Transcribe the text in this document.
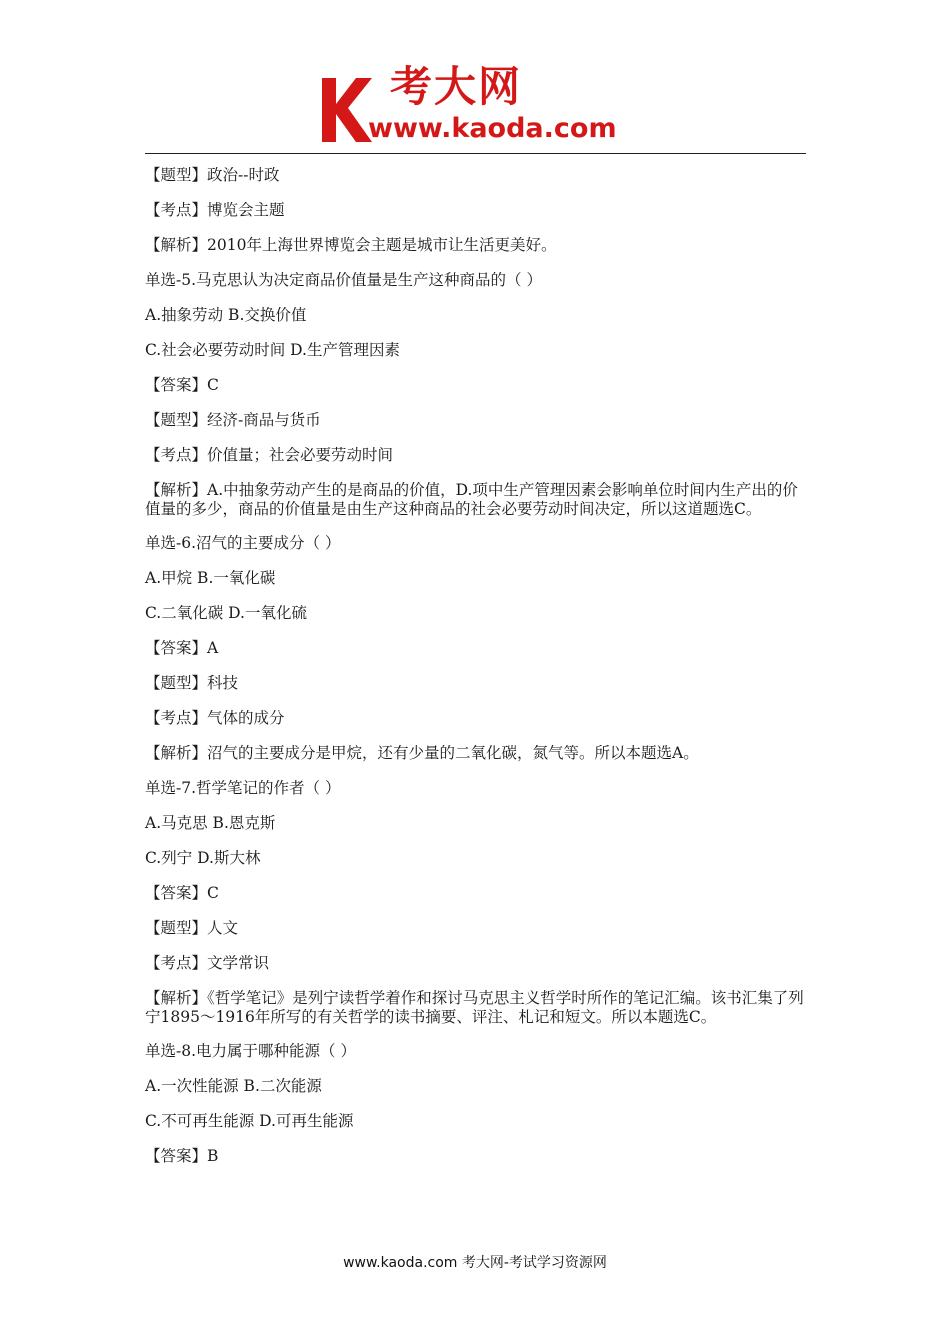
考大网
www.kaoda.com
【题型】政治--时政
【考点】博览会主题
【解析】2010年上海世界博览会主题是城市让生活更美好。
单选-5.马克思认为决定商品价值量是生产这种商品的（ ）
A.抽象劳动 B.交换价值
C.社会必要劳动时间 D.生产管理因素
【答案】C
【题型】经济-商品与货币
【考点】价值量；社会必要劳动时间
【解析】A.中抽象劳动产生的是商品的价值，D.项中生产管理因素会影响单位时间内生产出的价值量的多少，商品的价值量是由生产这种商品的社会必要劳动时间决定，所以这道题选C。
单选-6.沼气的主要成分（ ）
A.甲烷 B.一氧化碳
C.二氧化碳 D.一氧化硫
【答案】A
【题型】科技
【考点】气体的成分
【解析】沼气的主要成分是甲烷，还有少量的二氧化碳，氮气等。所以本题选A。
单选-7.哲学笔记的作者（ ）
A.马克思 B.恩克斯
C.列宁 D.斯大林
【答案】C
【题型】人文
【考点】文学常识
【解析】《哲学笔记》是列宁读哲学着作和探讨马克思主义哲学时所作的笔记汇编。该书汇集了列宁1895～1916年所写的有关哲学的读书摘要、评注、札记和短文。所以本题选C。
单选-8.电力属于哪种能源（ ）
A.一次性能源 B.二次能源
C.不可再生能源 D.可再生能源
【答案】B
www.kaoda.com 考大网-考试学习资源网
